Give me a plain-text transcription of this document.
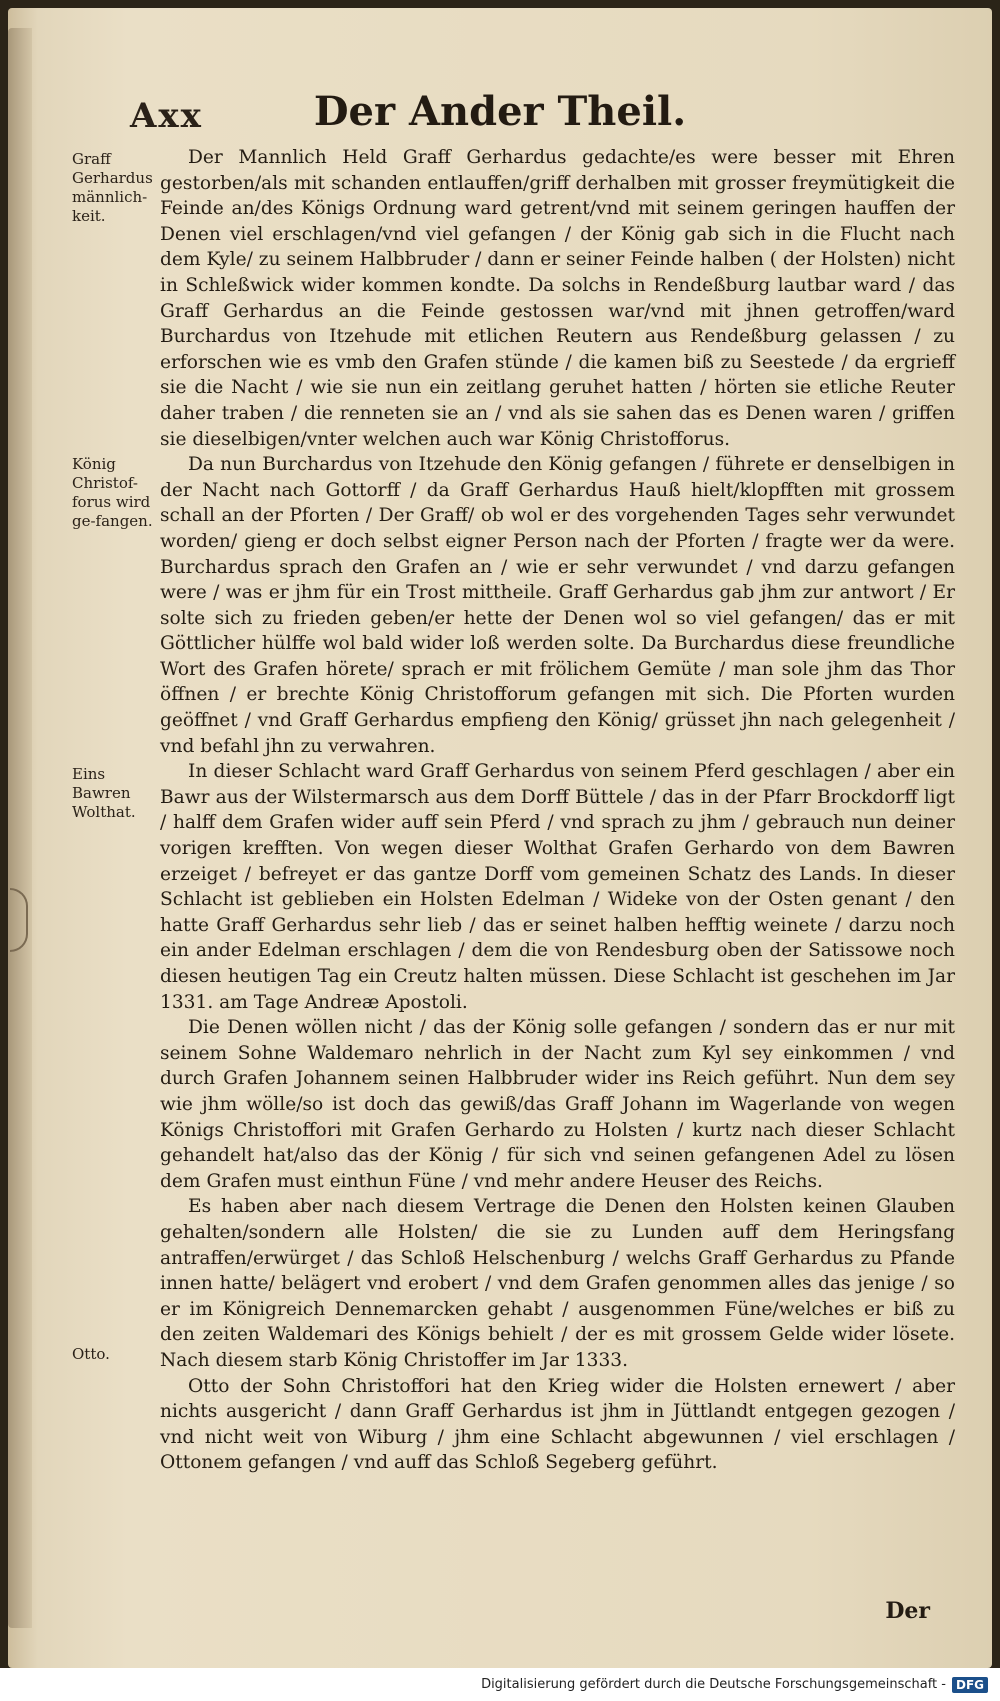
Axx	Der Ander Theil.
Graff Gerhardus männlich-keit.
König Christof-forus wird ge-fangen.
Eins Bawren Wolthat.
Otto.

Der Mannlich Held Graff Gerhardus gedachte/es were besser mit Ehren gestorben/als mit schanden entlauffen/griff derhalben mit grosser freymütigkeit die Feinde an/des Königs Ordnung ward getrent/vnd mit seinem geringen hauffen der Denen viel erschlagen/vnd viel gefangen / der König gab sich in die Flucht nach dem Kyle/ zu seinem Halbbruder / dann er seiner Feinde halben ( der Holsten) nicht in Schleßwick wider kommen kondte. Da solchs in Rendeßburg lautbar ward / das Graff Gerhardus an die Feinde gestossen war/vnd mit jhnen getroffen/ward Burchardus von Itzehude mit etlichen Reutern aus Rendeßburg gelassen / zu erforschen wie es vmb den Grafen stünde / die kamen biß zu Seestede / da ergrieff sie die Nacht / wie sie nun ein zeitlang geruhet hatten / hörten sie etliche Reuter daher traben / die renneten sie an / vnd als sie sahen das es Denen waren / griffen sie dieselbigen/vnter welchen auch war König Christofforus.

Da nun Burchardus von Itzehude den König gefangen / führete er denselbigen in der Nacht nach Gottorff / da Graff Gerhardus Hauß hielt/klopfften mit grossem schall an der Pforten / Der Graff/ ob wol er des vorgehenden Tages sehr verwundet worden/ gieng er doch selbst eigner Person nach der Pforten / fragte wer da were. Burchardus sprach den Grafen an / wie er sehr verwundet / vnd darzu gefangen were / was er jhm für ein Trost mittheile. Graff Gerhardus gab jhm zur antwort / Er solte sich zu frieden geben/er hette der Denen wol so viel gefangen/ das er mit Göttlicher hülffe wol bald wider loß werden solte. Da Burchardus diese freundliche Wort des Grafen hörete/ sprach er mit frölichem Gemüte / man sole jhm das Thor öffnen / er brechte König Christofforum gefangen mit sich. Die Pforten wurden geöffnet / vnd Graff Gerhardus empfieng den König/ grüsset jhn nach gelegenheit / vnd befahl jhn zu verwahren.

In dieser Schlacht ward Graff Gerhardus von seinem Pferd geschlagen / aber ein Bawr aus der Wilstermarsch aus dem Dorff Büttele / das in der Pfarr Brockdorff ligt / halff dem Grafen wider auff sein Pferd / vnd sprach zu jhm / gebrauch nun deiner vorigen krefften. Von wegen dieser Wolthat Grafen Gerhardo von dem Bawren erzeiget / befreyet er das gantze Dorff vom gemeinen Schatz des Lands. In dieser Schlacht ist geblieben ein Holsten Edelman / Wideke von der Osten genant / den hatte Graff Gerhardus sehr lieb / das er seinet halben hefftig weinete / darzu noch ein ander Edelman erschlagen / dem die von Rendesburg oben der Satissowe noch diesen heutigen Tag ein Creutz halten müssen. Diese Schlacht ist geschehen im Jar 1331. am Tage Andreæ Apostoli.

Die Denen wöllen nicht / das der König solle gefangen / sondern das er nur mit seinem Sohne Waldemaro nehrlich in der Nacht zum Kyl sey einkommen / vnd durch Grafen Johannem seinen Halbbruder wider ins Reich geführt. Nun dem sey wie jhm wölle/so ist doch das gewiß/das Graff Johann im Wagerlande von wegen Königs Christoffori mit Grafen Gerhardo zu Holsten / kurtz nach dieser Schlacht gehandelt hat/also das der König / für sich vnd seinen gefangenen Adel zu lösen dem Grafen must einthun Füne / vnd mehr andere Heuser des Reichs.

Es haben aber nach diesem Vertrage die Denen den Holsten keinen Glauben gehalten/sondern alle Holsten/ die sie zu Lunden auff dem Heringsfang antraffen/erwürget / das Schloß Helschenburg / welchs Graff Gerhardus zu Pfande innen hatte/ belägert vnd erobert / vnd dem Grafen genommen alles das jenige / so er im Königreich Dennemarcken gehabt / ausgenommen Füne/welches er biß zu den zeiten Waldemari des Königs behielt / der es mit grossem Gelde wider lösete. Nach diesem starb König Christoffer im Jar 1333.

Otto der Sohn Christoffori hat den Krieg wider die Holsten ernewert / aber nichts ausgericht / dann Graff Gerhardus ist jhm in Jüttlandt entgegen gezogen / vnd nicht weit von Wiburg / jhm eine Schlacht abgewunnen / viel erschlagen / Ottonem gefangen / vnd auff das Schloß Segeberg geführt.

Der
Digitalisierung gefördert durch die Deutsche Forschungsgemeinschaft - DFG
